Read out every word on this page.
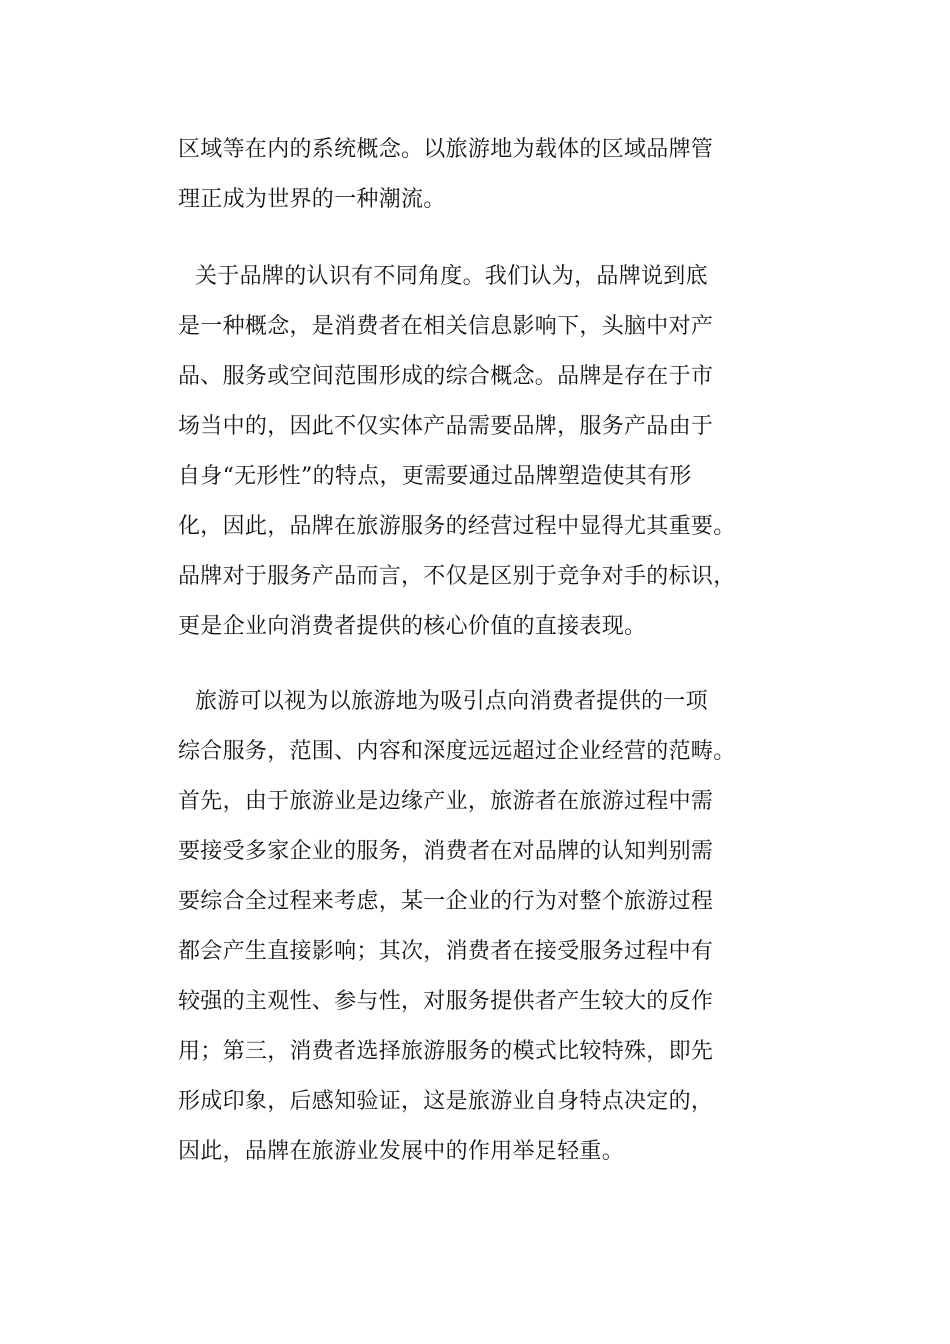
区域等在内的系统概念。以旅游地为载体的区域品牌管
理正成为世界的一种潮流。
关于品牌的认识有不同角度。我们认为，品牌说到底
是一种概念，是消费者在相关信息影响下，头脑中对产
品、服务或空间范围形成的综合概念。品牌是存在于市
场当中的，因此不仅实体产品需要品牌，服务产品由于
自身“无形性”的特点，更需要通过品牌塑造使其有形
化，因此，品牌在旅游服务的经营过程中显得尤其重要。
品牌对于服务产品而言，不仅是区别于竞争对手的标识，
更是企业向消费者提供的核心价值的直接表现。
旅游可以视为以旅游地为吸引点向消费者提供的一项
综合服务，范围、内容和深度远远超过企业经营的范畴。
首先，由于旅游业是边缘产业，旅游者在旅游过程中需
要接受多家企业的服务，消费者在对品牌的认知判别需
要综合全过程来考虑，某一企业的行为对整个旅游过程
都会产生直接影响；其次，消费者在接受服务过程中有
较强的主观性、参与性，对服务提供者产生较大的反作
用；第三，消费者选择旅游服务的模式比较特殊，即先
形成印象，后感知验证，这是旅游业自身特点决定的，
因此，品牌在旅游业发展中的作用举足轻重。
